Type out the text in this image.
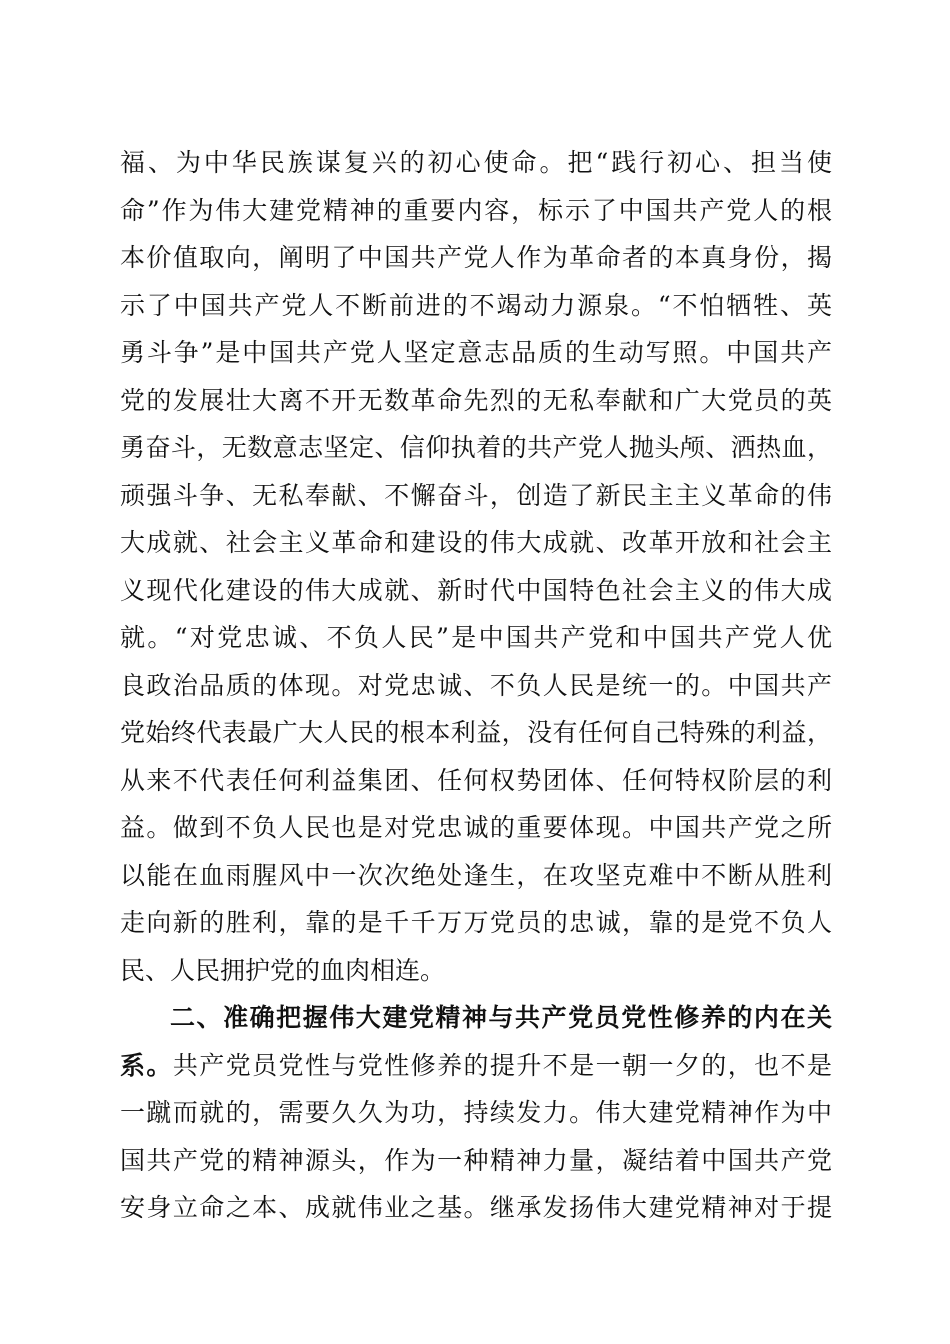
福、为中华民族谋复兴的初心使命。把“践行初心、担当使
命”作为伟大建党精神的重要内容，标示了中国共产党人的根
本价值取向，阐明了中国共产党人作为革命者的本真身份，揭
示了中国共产党人不断前进的不竭动力源泉。“不怕牺牲、英
勇斗争”是中国共产党人坚定意志品质的生动写照。中国共产
党的发展壮大离不开无数革命先烈的无私奉献和广大党员的英
勇奋斗，无数意志坚定、信仰执着的共产党人抛头颅、洒热血，
顽强斗争、无私奉献、不懈奋斗，创造了新民主主义革命的伟
大成就、社会主义革命和建设的伟大成就、改革开放和社会主
义现代化建设的伟大成就、新时代中国特色社会主义的伟大成
就。“对党忠诚、不负人民”是中国共产党和中国共产党人优
良政治品质的体现。对党忠诚、不负人民是统一的。中国共产
党始终代表最广大人民的根本利益，没有任何自己特殊的利益，
从来不代表任何利益集团、任何权势团体、任何特权阶层的利
益。做到不负人民也是对党忠诚的重要体现。中国共产党之所
以能在血雨腥风中一次次绝处逢生，在攻坚克难中不断从胜利
走向新的胜利，靠的是千千万万党员的忠诚，靠的是党不负人
民、人民拥护党的血肉相连。
二、准确把握伟大建党精神与共产党员党性修养的内在关
系。共产党员党性与党性修养的提升不是一朝一夕的，也不是
一蹴而就的，需要久久为功，持续发力。伟大建党精神作为中
国共产党的精神源头，作为一种精神力量，凝结着中国共产党
安身立命之本、成就伟业之基。继承发扬伟大建党精神对于提
